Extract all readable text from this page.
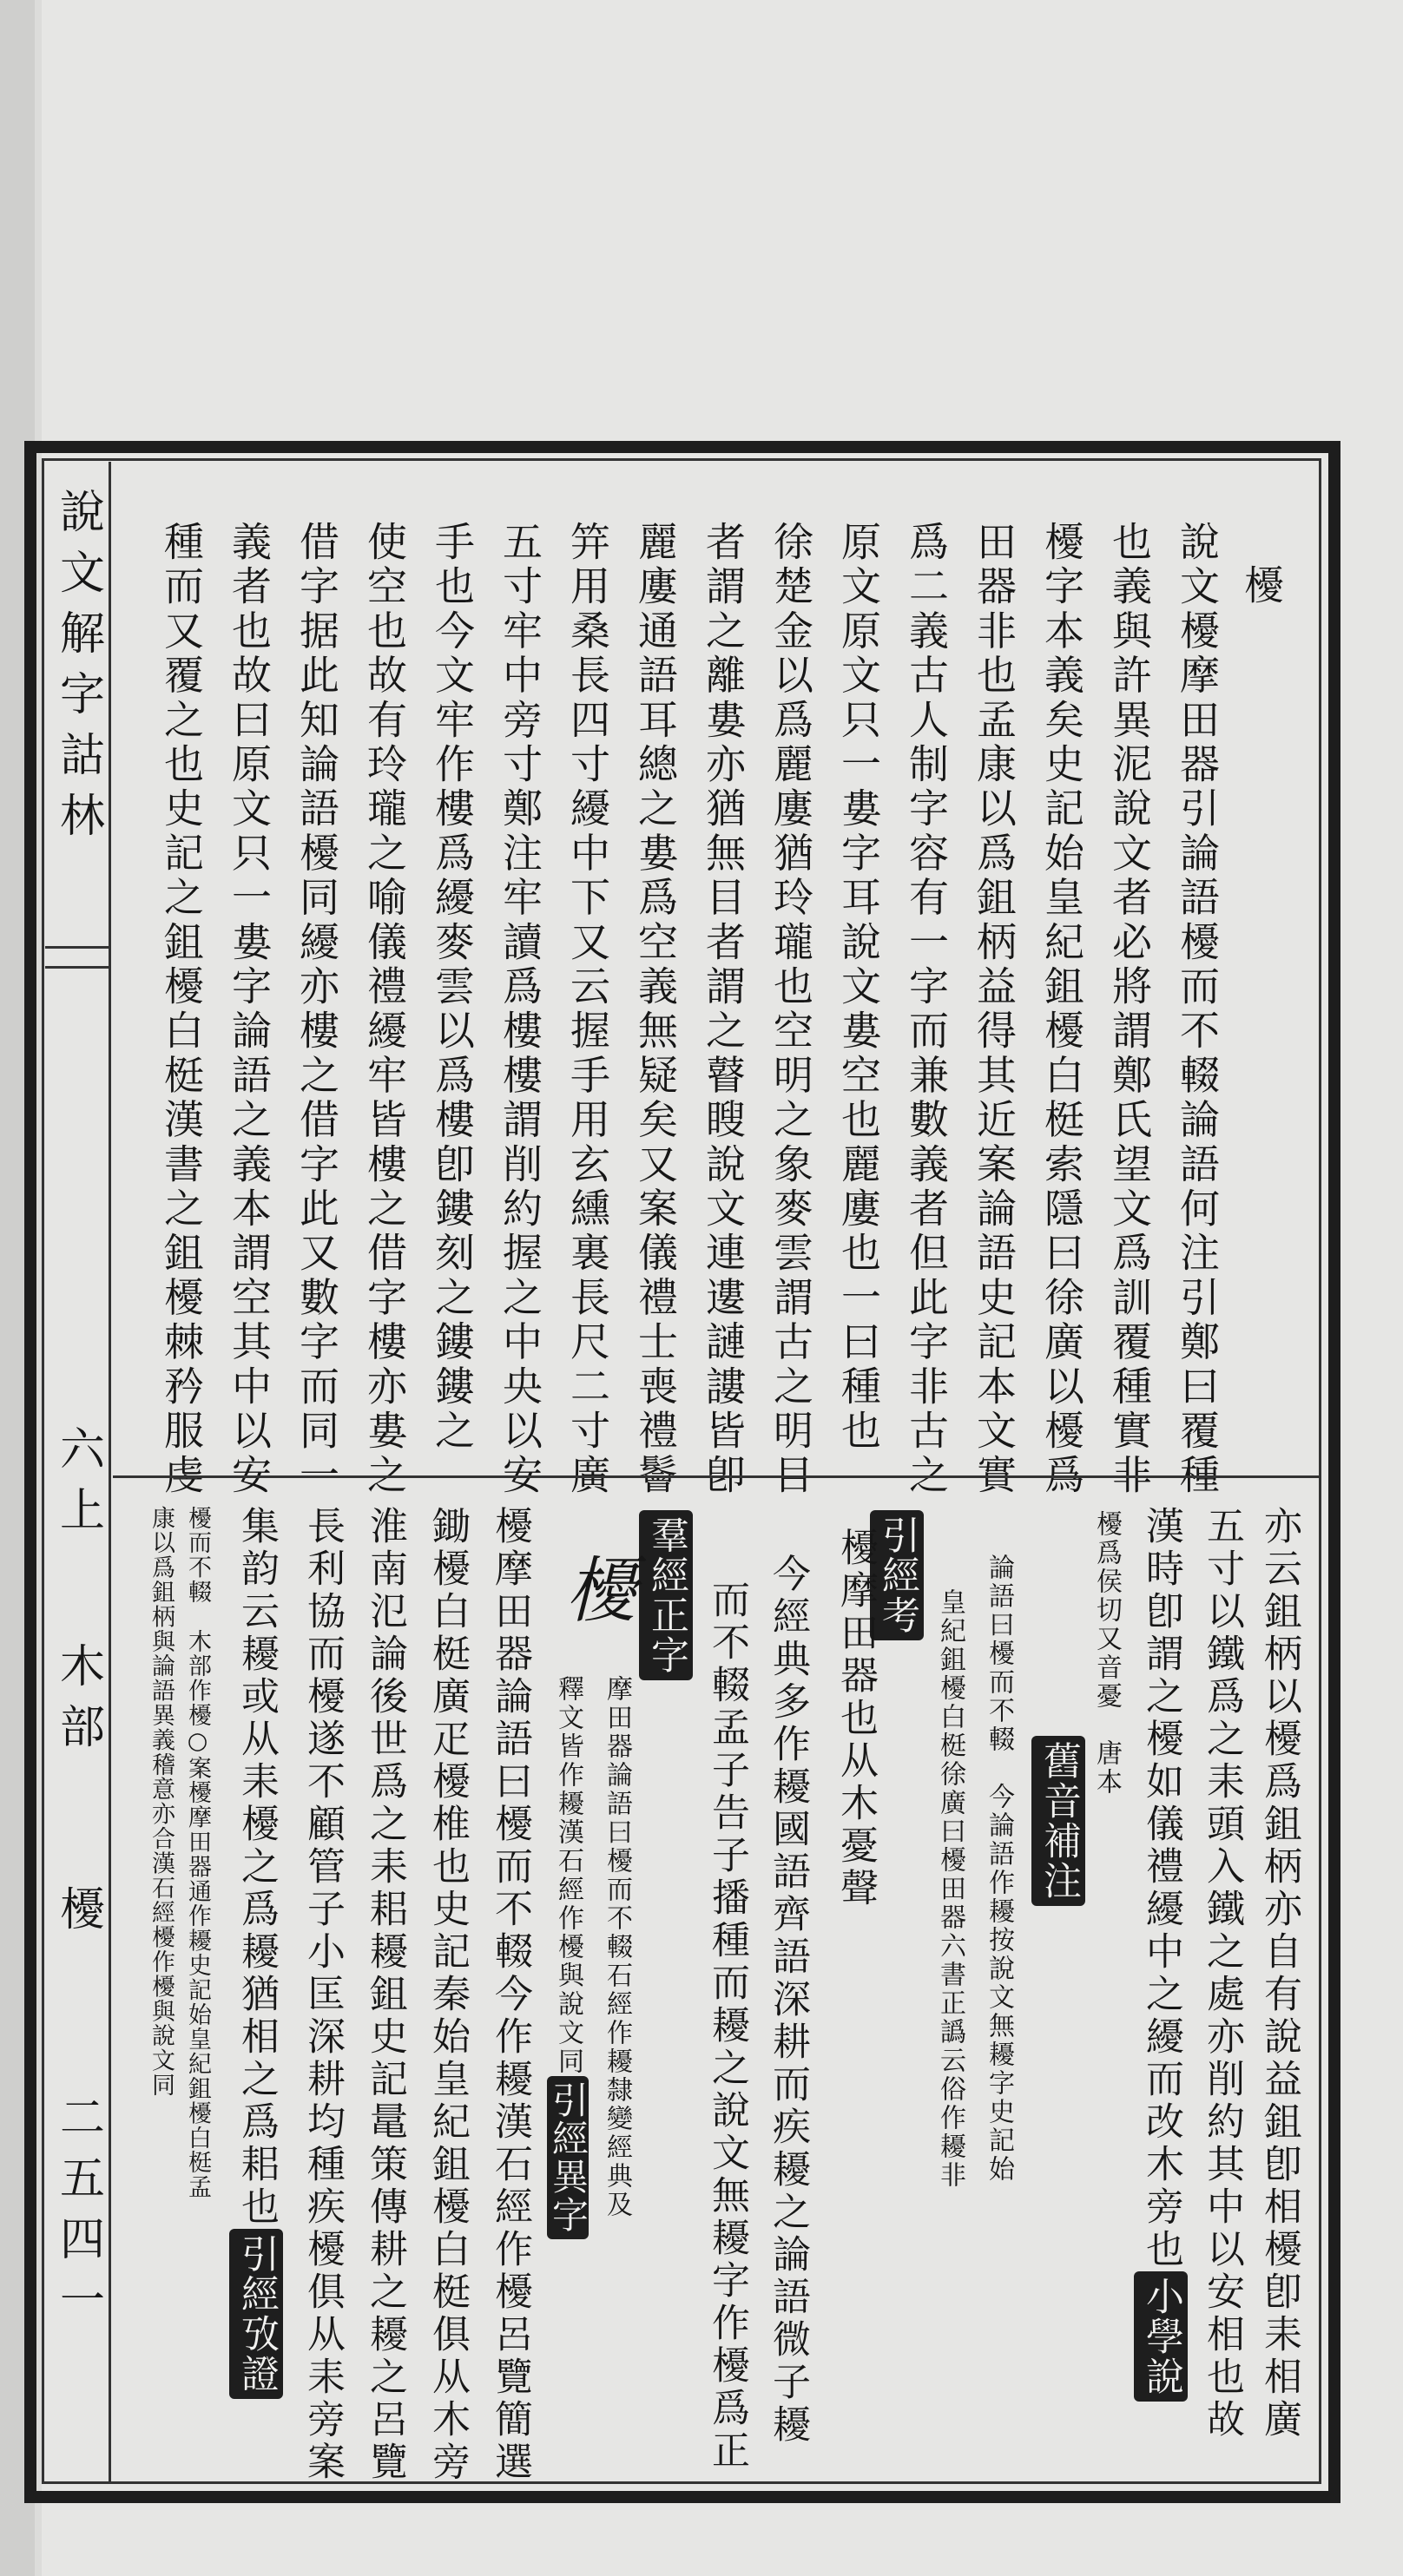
說文解字詁林
六上
木部
櫌
二五四一
櫌
說文櫌摩田器引論語櫌而不輟論語何注引鄭曰覆種
也義與許異泥說文者必將謂鄭氏望文爲訓覆種實非
櫌字本義矣史記始皇紀鉏櫌白梃索隱曰徐廣以櫌爲
田器非也孟康以爲鉏柄益得其近案論語史記本文實
爲二義古人制字容有一字而兼數義者但此字非古之
原文原文只一婁字耳說文婁空也麗廔也一曰種也
徐楚金以爲麗廔猶玲瓏也空明之象麥雲謂古之明目
者謂之離婁亦猶無目者謂之瞽瞍說文連遱謰謱皆卽
麗廔通語耳總之婁爲空義無疑矣又案儀禮士喪禮鬠
笄用桑長四寸纋中下又云握手用玄纁裏長尺二寸廣
五寸牢中旁寸鄭注牢讀爲樓樓謂削約握之中央以安
手也今文牢作樓爲纋麥雲以爲樓卽鏤刻之鏤鏤之
使空也故有玲瓏之喻儀禮纋牢皆樓之借字樓亦婁之
借字据此知論語櫌同纋亦樓之借字此又數字而同一
義者也故曰原文只一婁字論語之義本謂空其中以安
種而又覆之也史記之鉏櫌白梃漢書之鉏櫌棘矜服虔
亦云鉏柄以櫌爲鉏柄亦自有說益鉏卽相櫌卽耒相廣
五寸以鐵爲之耒頭入鐵之處亦削約其中以安相也故
漢時卽謂之櫌如儀禮纋中之纋而改木旁也小學說
櫌爲侯切又音憂　唐本
舊音補注
論語曰櫌而不輟　今論語作耰按說文無耰字史記始
皇紀鉏櫌白梃徐廣曰櫌田器六書正譌云俗作耰非
引經考
櫌摩田器也从木憂聲
今經典多作耰國語齊語深耕而疾耰之論語微子耰
而不輟孟子告子播種而耰之說文無耰字作櫌爲正
羣經正字
櫌
摩田器論語曰櫌而不輟石經作耰隸變經典及
釋文皆作耰漢石經作櫌與說文同引經異字
櫌摩田器論語曰櫌而不輟今作耰漢石經作櫌呂覽簡選
鋤櫌白梃廣疋櫌椎也史記秦始皇紀鉏櫌白梃俱从木旁
淮南氾論後世爲之耒耜耰鉏史記鼌策傳耕之耰之呂覽
長利協而櫌遂不顧管子小匡深耕均種疾櫌俱从耒旁案
集韵云耰或从耒櫌之爲耰猶相之爲耜也引經攷證
櫌而不輟　木部作櫌○案櫌摩田器通作耰史記始皇紀鉏櫌白梃孟
康以爲鉏柄與論語異義稽意亦合漢石經櫌作櫌與說文同
